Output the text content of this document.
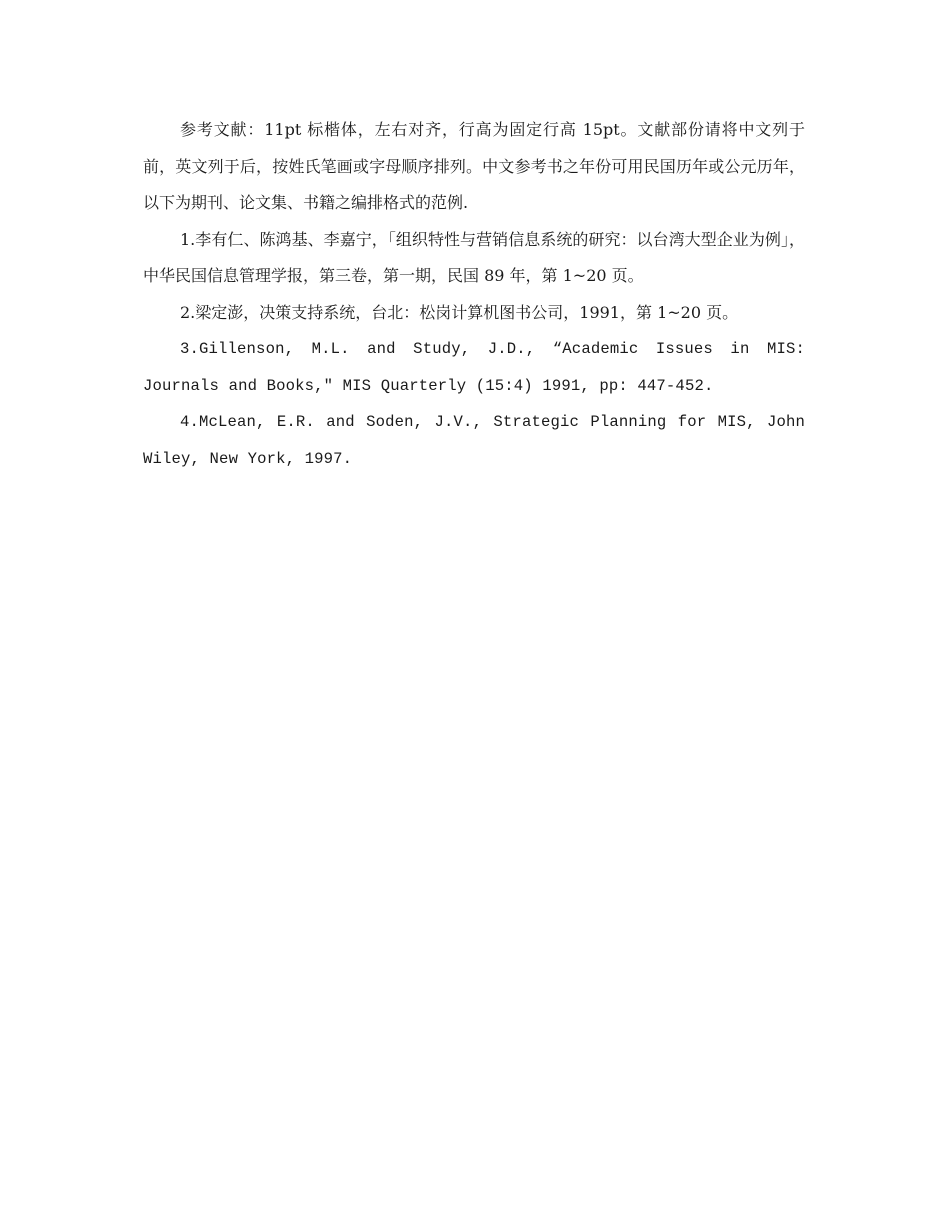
参考文献：11pt 标楷体，左右对齐，行高为固定行高 15pt。文献部份请将中文列于前，英文列于后，按姓氏笔画或字母顺序排列。中文参考书之年份可用民国历年或公元历年，以下为期刊、论文集、书籍之编排格式的范例.

1.李有仁、陈鸿基、李嘉宁，「组织特性与营销信息系统的研究：以台湾大型企业为例」，中华民国信息管理学报，第三卷，第一期，民国 89 年，第 1~20 页。

2.梁定澎，决策支持系统，台北：松岗计算机图书公司，1991，第 1~20 页。

3.Gillenson, M.L. and Study, J.D., “Academic Issues in MIS: Journals and Books,″ MIS Quarterly (15:4) 1991, pp: 447-452.

4.McLean, E.R. and Soden, J.V., Strategic Planning for MIS, John Wiley, New York, 1997.
